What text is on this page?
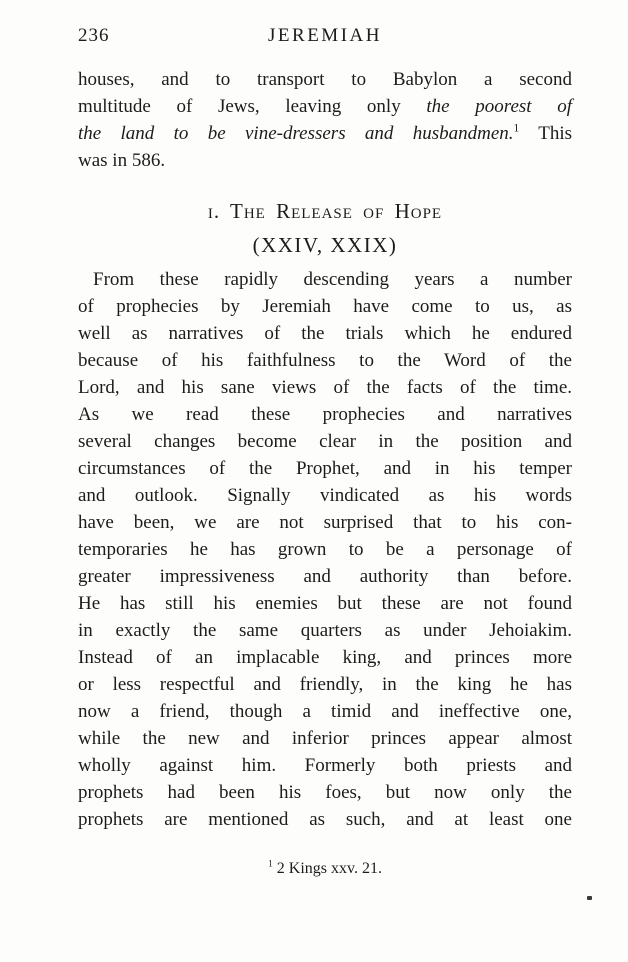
236	JEREMIAH
houses, and to transport to Babylon a second
multitude of Jews, leaving only the poorest of
the land to be vine-dressers and husbandmen.$^1$ This
was in 586.
i. The Release of Hope
(XXIV, XXIX)
From these rapidly descending years a number
of prophecies by Jeremiah have come to us, as
well as narratives of the trials which he endured
because of his faithfulness to the Word of the
Lord, and his sane views of the facts of the time.
As we read these prophecies and narratives
several changes become clear in the position and
circumstances of the Prophet, and in his temper
and outlook. Signally vindicated as his words
have been, we are not surprised that to his con-
temporaries he has grown to be a personage of
greater impressiveness and authority than before.
He has still his enemies but these are not found
in exactly the same quarters as under Jehoiakim.
Instead of an implacable king, and princes more
or less respectful and friendly, in the king he has
now a friend, though a timid and ineffective one,
while the new and inferior princes appear almost
wholly against him. Formerly both priests and
prophets had been his foes, but now only the
prophets are mentioned as such, and at least one
$^1$ 2 Kings xxv. 21.
